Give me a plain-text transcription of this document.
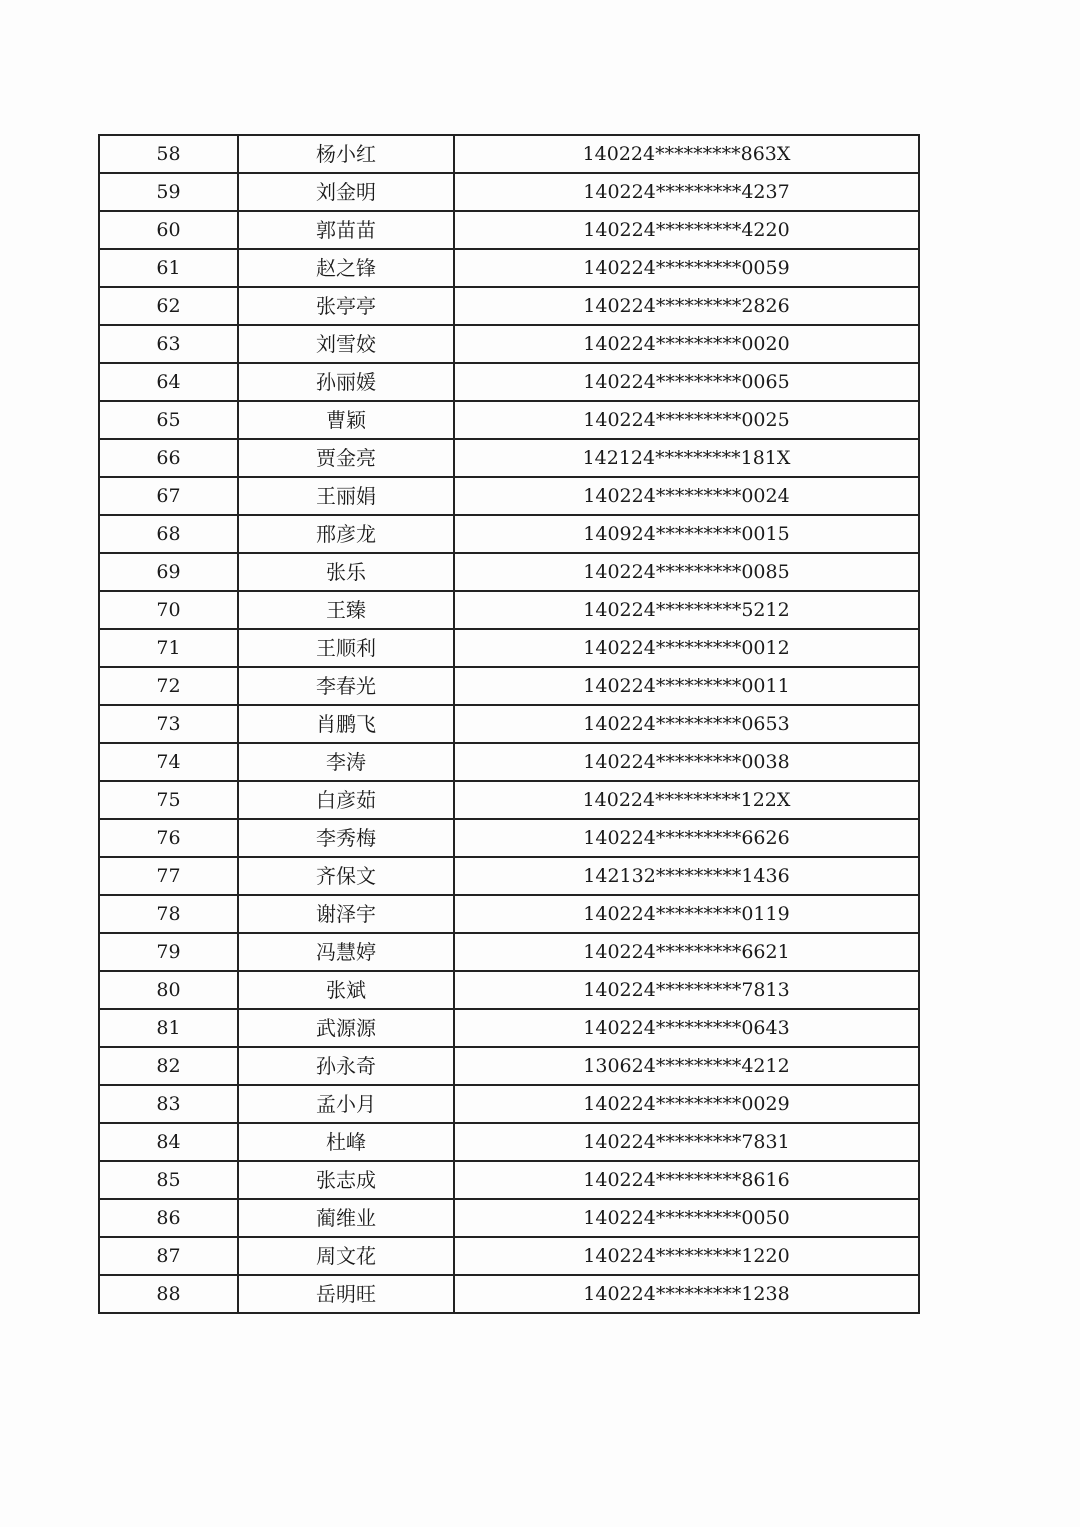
58	杨小红	140224*********863X
59	刘金明	140224*********4237
60	郭苗苗	140224*********4220
61	赵之锋	140224*********0059
62	张亭亭	140224*********2826
63	刘雪姣	140224*********0020
64	孙丽媛	140224*********0065
65	曹颖	140224*********0025
66	贾金亮	142124*********181X
67	王丽娟	140224*********0024
68	邢彦龙	140924*********0015
69	张乐	140224*********0085
70	王臻	140224*********5212
71	王顺利	140224*********0012
72	李春光	140224*********0011
73	肖鹏飞	140224*********0653
74	李涛	140224*********0038
75	白彦茹	140224*********122X
76	李秀梅	140224*********6626
77	齐保文	142132*********1436
78	谢泽宇	140224*********0119
79	冯慧婷	140224*********6621
80	张斌	140224*********7813
81	武源源	140224*********0643
82	孙永奇	130624*********4212
83	孟小月	140224*********0029
84	杜峰	140224*********7831
85	张志成	140224*********8616
86	蔺维业	140224*********0050
87	周文花	140224*********1220
88	岳明旺	140224*********1238
